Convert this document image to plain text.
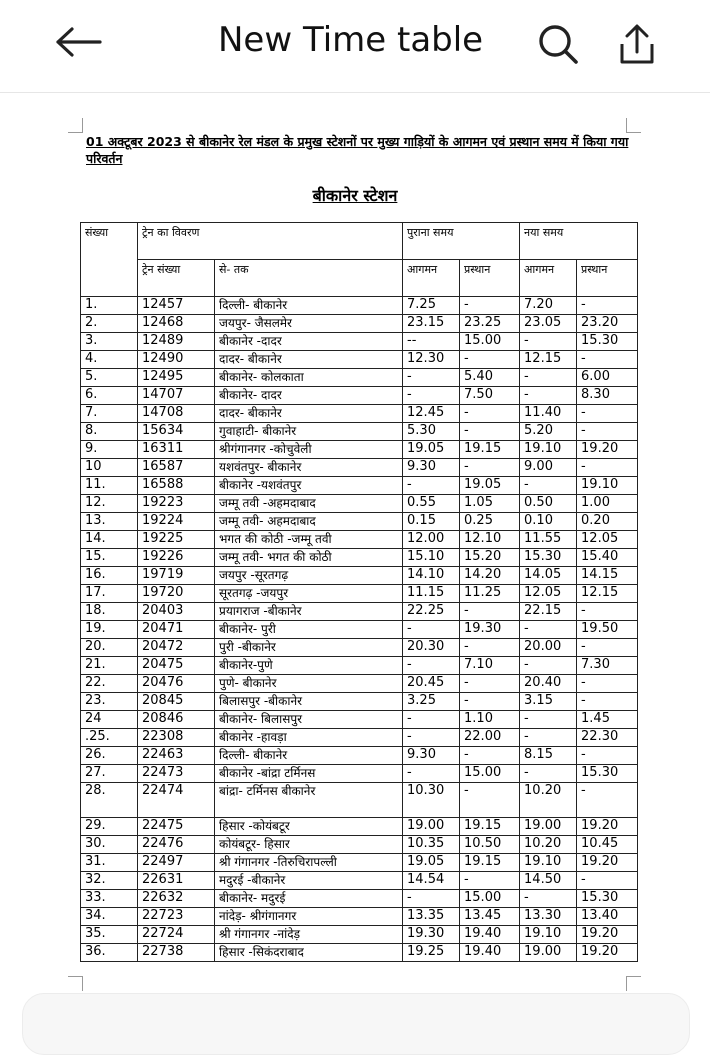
New Time table
01 अक्टूबर 2023 से बीकानेर रेल मंडल के प्रमुख स्टेशनों पर मुख्य गाड़ियों के आगमन एवं प्रस्थान समय में किया गया परिवर्तन
बीकानेर स्टेशन
संख्या	ट्रेन का विवरण		पुराना समय		नया समय	
	ट्रेन संख्या	से- तक	आगमन	प्रस्थान	आगमन	प्रस्थान
1.	12457	दिल्ली- बीकानेर	7.25	-	7.20	-
2.	12468	जयपुर- जैसलमेर	23.15	23.25	23.05	23.20
3.	12489	बीकानेर -दादर	--	15.00	-	15.30
4.	12490	दादर- बीकानेर	12.30	-	12.15	-
5.	12495	बीकानेर- कोलकाता	-	5.40	-	6.00
6.	14707	बीकानेर- दादर	-	7.50	-	8.30
7.	14708	दादर- बीकानेर	12.45	-	11.40	-
8.	15634	गुवाहाटी- बीकानेर	5.30	-	5.20	-
9.	16311	श्रीगंगानगर -कोचुवेली	19.05	19.15	19.10	19.20
10	16587	यशवंतपुर- बीकानेर	9.30	-	9.00	-
11.	16588	बीकानेर -यशवंतपुर	-	19.05	-	19.10
12.	19223	जम्मू तवी -अहमदाबाद	0.55	1.05	0.50	1.00
13.	19224	जम्मू तवी- अहमदाबाद	0.15	0.25	0.10	0.20
14.	19225	भगत की कोठी -जम्मू तवी	12.00	12.10	11.55	12.05
15.	19226	जम्मू तवी- भगत की कोठी	15.10	15.20	15.30	15.40
16.	19719	जयपुर -सूरतगढ़	14.10	14.20	14.05	14.15
17.	19720	सूरतगढ़ -जयपुर	11.15	11.25	12.05	12.15
18.	20403	प्रयागराज -बीकानेर	22.25	-	22.15	-
19.	20471	बीकानेर- पुरी	-	19.30	-	19.50
20.	20472	पुरी -बीकानेर	20.30	-	20.00	-
21.	20475	बीकानेर-पुणे	-	7.10	-	7.30
22.	20476	पुणे- बीकानेर	20.45	-	20.40	-
23.	20845	बिलासपुर -बीकानेर	3.25	-	3.15	-
24	20846	बीकानेर- बिलासपुर	-	1.10	-	1.45
.25.	22308	बीकानेर -हावड़ा	-	22.00	-	22.30
26.	22463	दिल्ली- बीकानेर	9.30	-	8.15	-
27.	22473	बीकानेर -बांद्रा टर्मिनस	-	15.00	-	15.30
28.	22474	बांद्रा- टर्मिनस बीकानेर	10.30	-	10.20	-
29.	22475	हिसार -कोयंबटूर	19.00	19.15	19.00	19.20
30.	22476	कोयंबटूर- हिसार	10.35	10.50	10.20	10.45
31.	22497	श्री गंगानगर -तिरुचिरापल्ली	19.05	19.15	19.10	19.20
32.	22631	मदुरई -बीकानेर	14.54	-	14.50	-
33.	22632	बीकानेर- मदुरई	-	15.00	-	15.30
34.	22723	नांदेड़- श्रीगंगानगर	13.35	13.45	13.30	13.40
35.	22724	श्री गंगानगर -नांदेड़	19.30	19.40	19.10	19.20
36.	22738	हिसार -सिकंदराबाद	19.25	19.40	19.00	19.20
